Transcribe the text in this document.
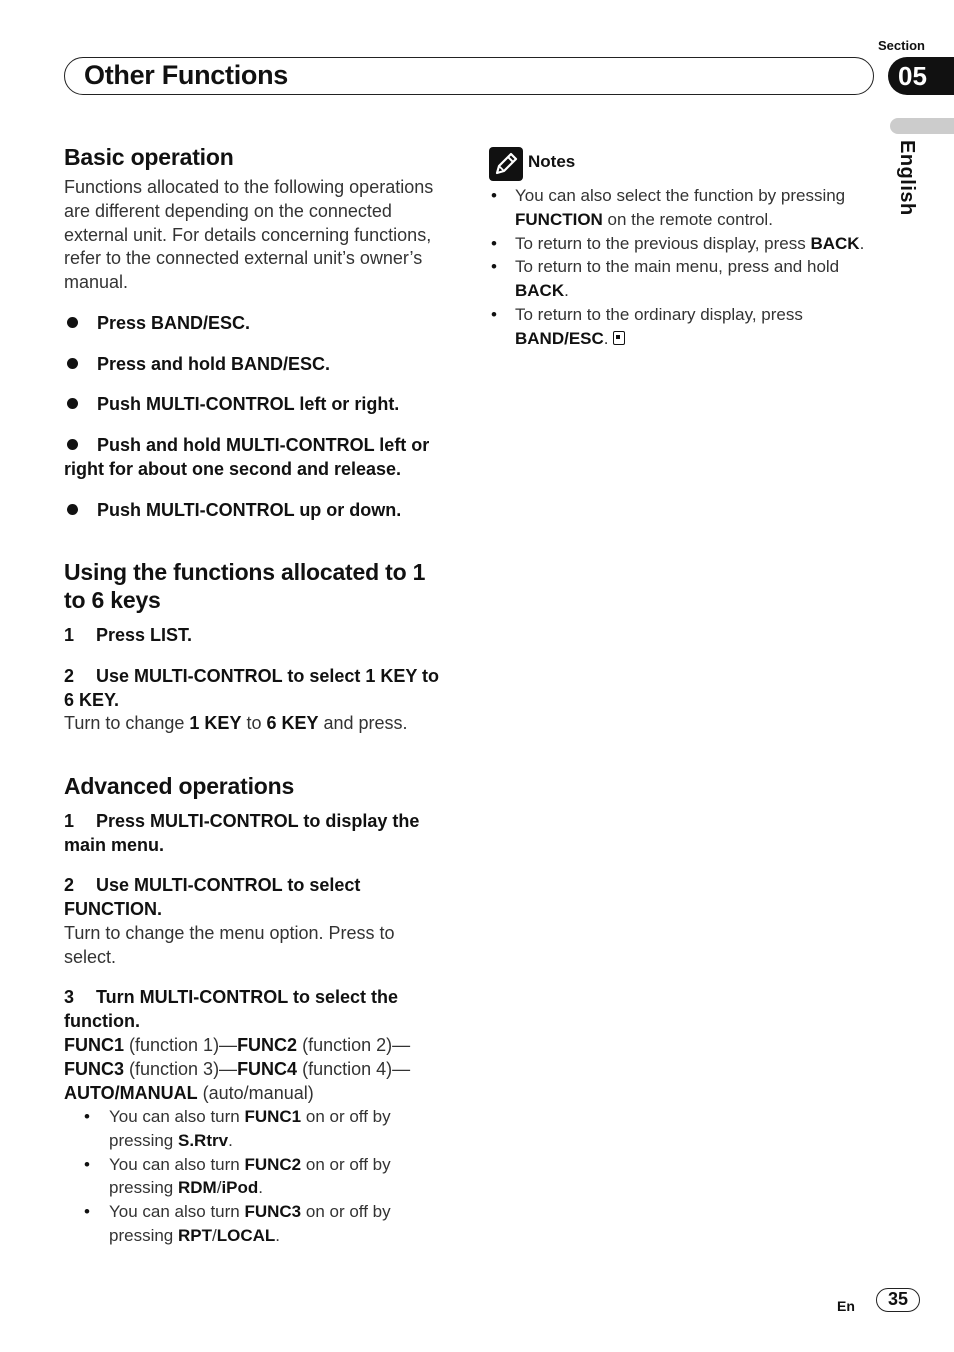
Section
Other Functions	05
English
Basic operation
Functions allocated to the following operations are different depending on the connected external unit. For details concerning functions, refer to the connected external unit’s owner’s manual.
Press BAND/ESC.
Press and hold BAND/ESC.
Push MULTI-CONTROL left or right.
Push and hold MULTI-CONTROL left or right for about one second and release.
Push MULTI-CONTROL up or down.
Using the functions allocated to 1 to 6 keys
1 Press LIST.
2 Use MULTI-CONTROL to select 1 KEY to 6 KEY.
Turn to change 1 KEY to 6 KEY and press.
Advanced operations
1 Press MULTI-CONTROL to display the main menu.
2 Use MULTI-CONTROL to select FUNCTION.
Turn to change the menu option. Press to select.
3 Turn MULTI-CONTROL to select the function.
FUNC1 (function 1)—FUNC2 (function 2)—
FUNC3 (function 3)—FUNC4 (function 4)—
AUTO/MANUAL (auto/manual)
• You can also turn FUNC1 on or off by pressing S.Rtrv.
• You can also turn FUNC2 on or off by pressing RDM/iPod.
• You can also turn FUNC3 on or off by pressing RPT/LOCAL.
Notes
• You can also select the function by pressing FUNCTION on the remote control.
• To return to the previous display, press BACK.
• To return to the main menu, press and hold BACK.
• To return to the ordinary display, press BAND/ESC.
En	35
